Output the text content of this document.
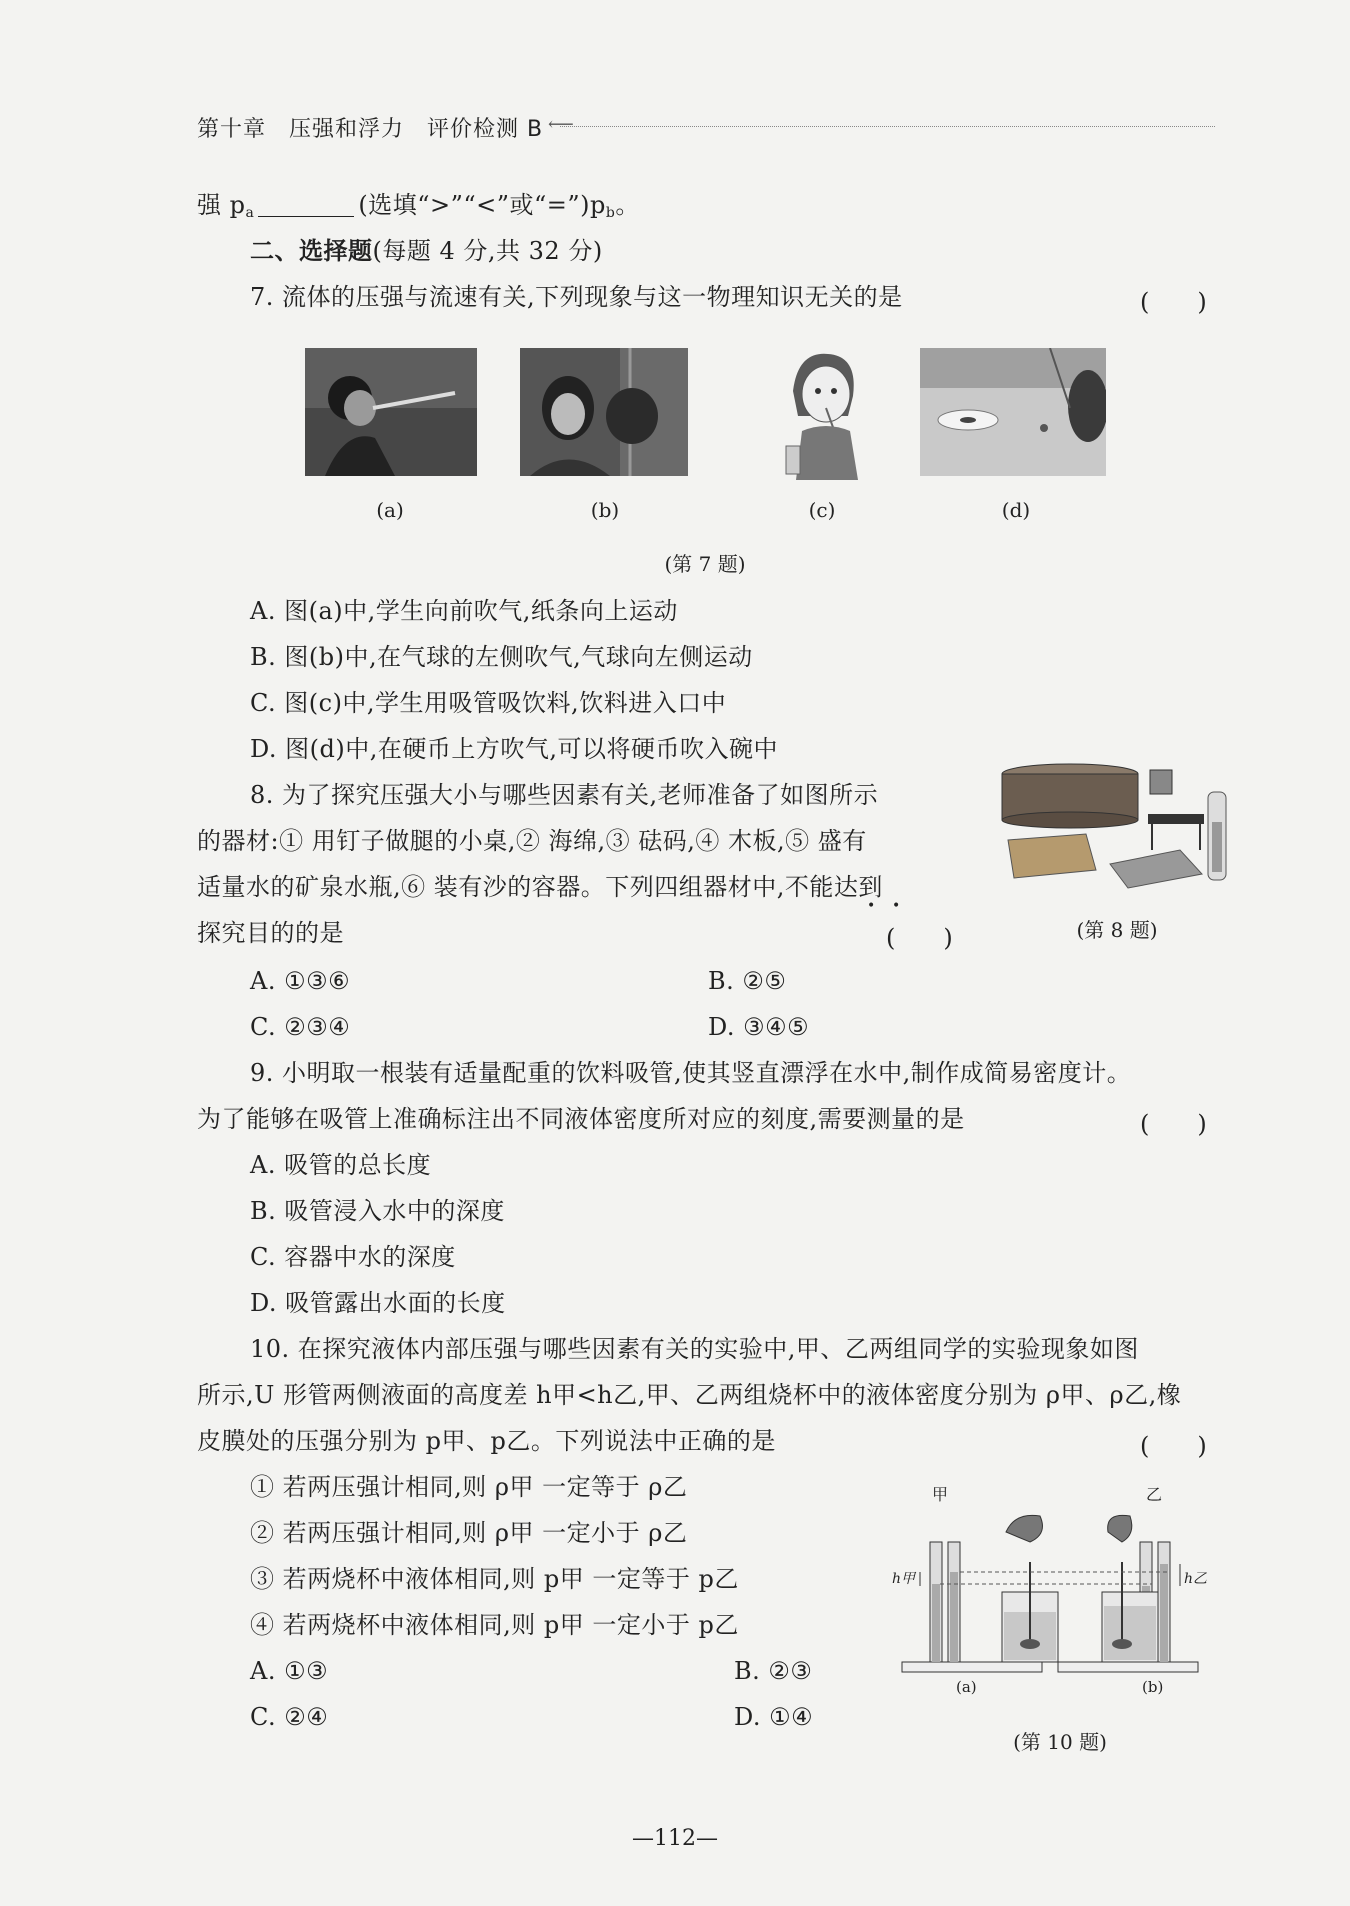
第十章　压强和浮力　评价检测 B ⟵
强 $p_a$	(选填“>”“<”或“$=”)p_b$。
二、选择题(每题 4 分,共 32 分)
7. 流体的压强与流速有关,下列现象与这一物理知识无关的是	(　　)
(a)	(b)	(c)	(d)
(第 7 题)
A. 图(a)中,学生向前吹气,纸条向上运动
B. 图(b)中,在气球的左侧吹气,气球向左侧运动
C. 图(c)中,学生用吸管吸饮料,饮料进入口中
D. 图(d)中,在硬币上方吹气,可以将硬币吹入碗中
8. 为了探究压强大小与哪些因素有关,老师准备了如图所示
的器材:① 用钉子做腿的小桌,② 海绵,③ 砝码,④ 木板,⑤ 盛有
适量水的矿泉水瓶,⑥ 装有沙的容器。下列四组器材中,不能达到
• •
探究目的的是	(　　)	(第 8 题)
A. ①③⑥	B. ②⑤
C. ②③④	D. ③④⑤
9. 小明取一根装有适量配重的饮料吸管,使其竖直漂浮在水中,制作成简易密度计。
为了能够在吸管上准确标注出不同液体密度所对应的刻度,需要测量的是	(　　)
A. 吸管的总长度
B. 吸管浸入水中的深度
C. 容器中水的深度
D. 吸管露出水面的长度
10. 在探究液体内部压强与哪些因素有关的实验中,甲、乙两组同学的实验现象如图
所示,U 形管两侧液面的高度差 h甲<h乙,甲、乙两组烧杯中的液体密度分别为 ρ甲、ρ乙,橡
皮膜处的压强分别为 p甲、p乙。下列说法中正确的是	(　　)
① 若两压强计相同,则 ρ甲 一定等于 ρ乙
② 若两压强计相同,则 ρ甲 一定小于 ρ乙
③ 若两烧杯中液体相同,则 p甲 一定等于 p乙
④ 若两烧杯中液体相同,则 p甲 一定小于 p乙
A. ①③	B. ②③
C. ②④	D. ①④
甲	乙
h甲	h乙
(a)	(b)
(第 10 题)
—112—
